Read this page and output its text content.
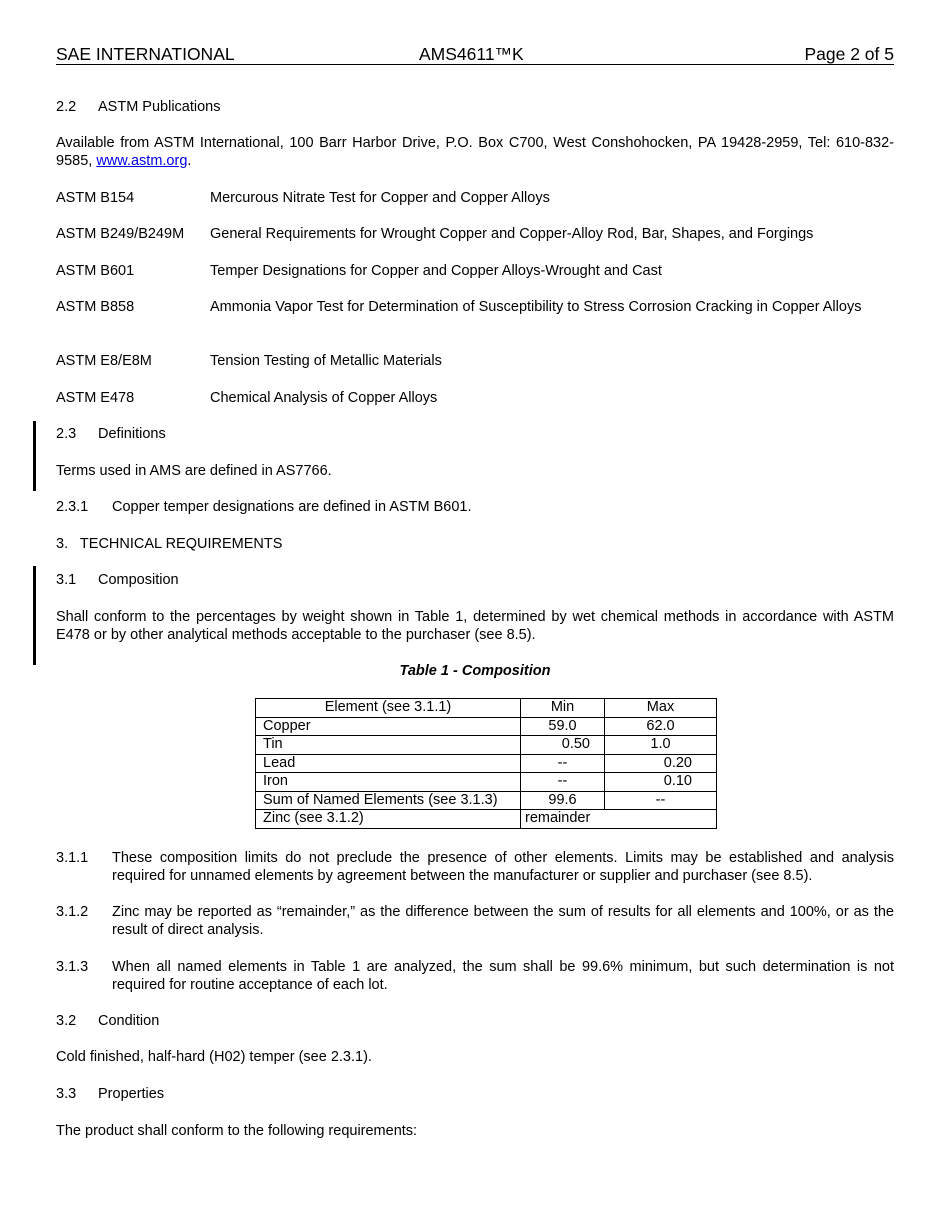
SAE INTERNATIONAL	AMS4611™K	Page 2 of 5
2.2 ASTM Publications
Available from ASTM International, 100 Barr Harbor Drive, P.O. Box C700, West Conshohocken, PA 19428-2959, Tel: 610-832-9585, www.astm.org.
ASTM B154	Mercurous Nitrate Test for Copper and Copper Alloys
ASTM B249/B249M General Requirements for Wrought Copper and Copper-Alloy Rod, Bar, Shapes, and Forgings
ASTM B601	Temper Designations for Copper and Copper Alloys-Wrought and Cast
ASTM B858	Ammonia Vapor Test for Determination of Susceptibility to Stress Corrosion Cracking in Copper Alloys
ASTM E8/E8M	Tension Testing of Metallic Materials
ASTM E478	Chemical Analysis of Copper Alloys
2.3 Definitions
Terms used in AMS are defined in AS7766.
2.3.1 Copper temper designations are defined in ASTM B601.
3.   TECHNICAL REQUIREMENTS
3.1 Composition
Shall conform to the percentages by weight shown in Table 1, determined by wet chemical methods in accordance with ASTM E478 or by other analytical methods acceptable to the purchaser (see 8.5).
Table 1 - Composition
Element (see 3.1.1)	Min	Max
Copper	59.0	62.0
Tin	0.50	1.0
Lead	--	0.20
Iron	--	0.10
Sum of Named Elements (see 3.1.3)	99.6	--
Zinc (see 3.1.2)	remainder	
3.1.1 These composition limits do not preclude the presence of other elements. Limits may be established and analysis required for unnamed elements by agreement between the manufacturer or supplier and purchaser (see 8.5).
3.1.2 Zinc may be reported as “remainder,” as the difference between the sum of results for all elements and 100%, or as the result of direct analysis.
3.1.3 When all named elements in Table 1 are analyzed, the sum shall be 99.6% minimum, but such determination is not required for routine acceptance of each lot.
3.2 Condition
Cold finished, half-hard (H02) temper (see 2.3.1).
3.3 Properties
The product shall conform to the following requirements:
